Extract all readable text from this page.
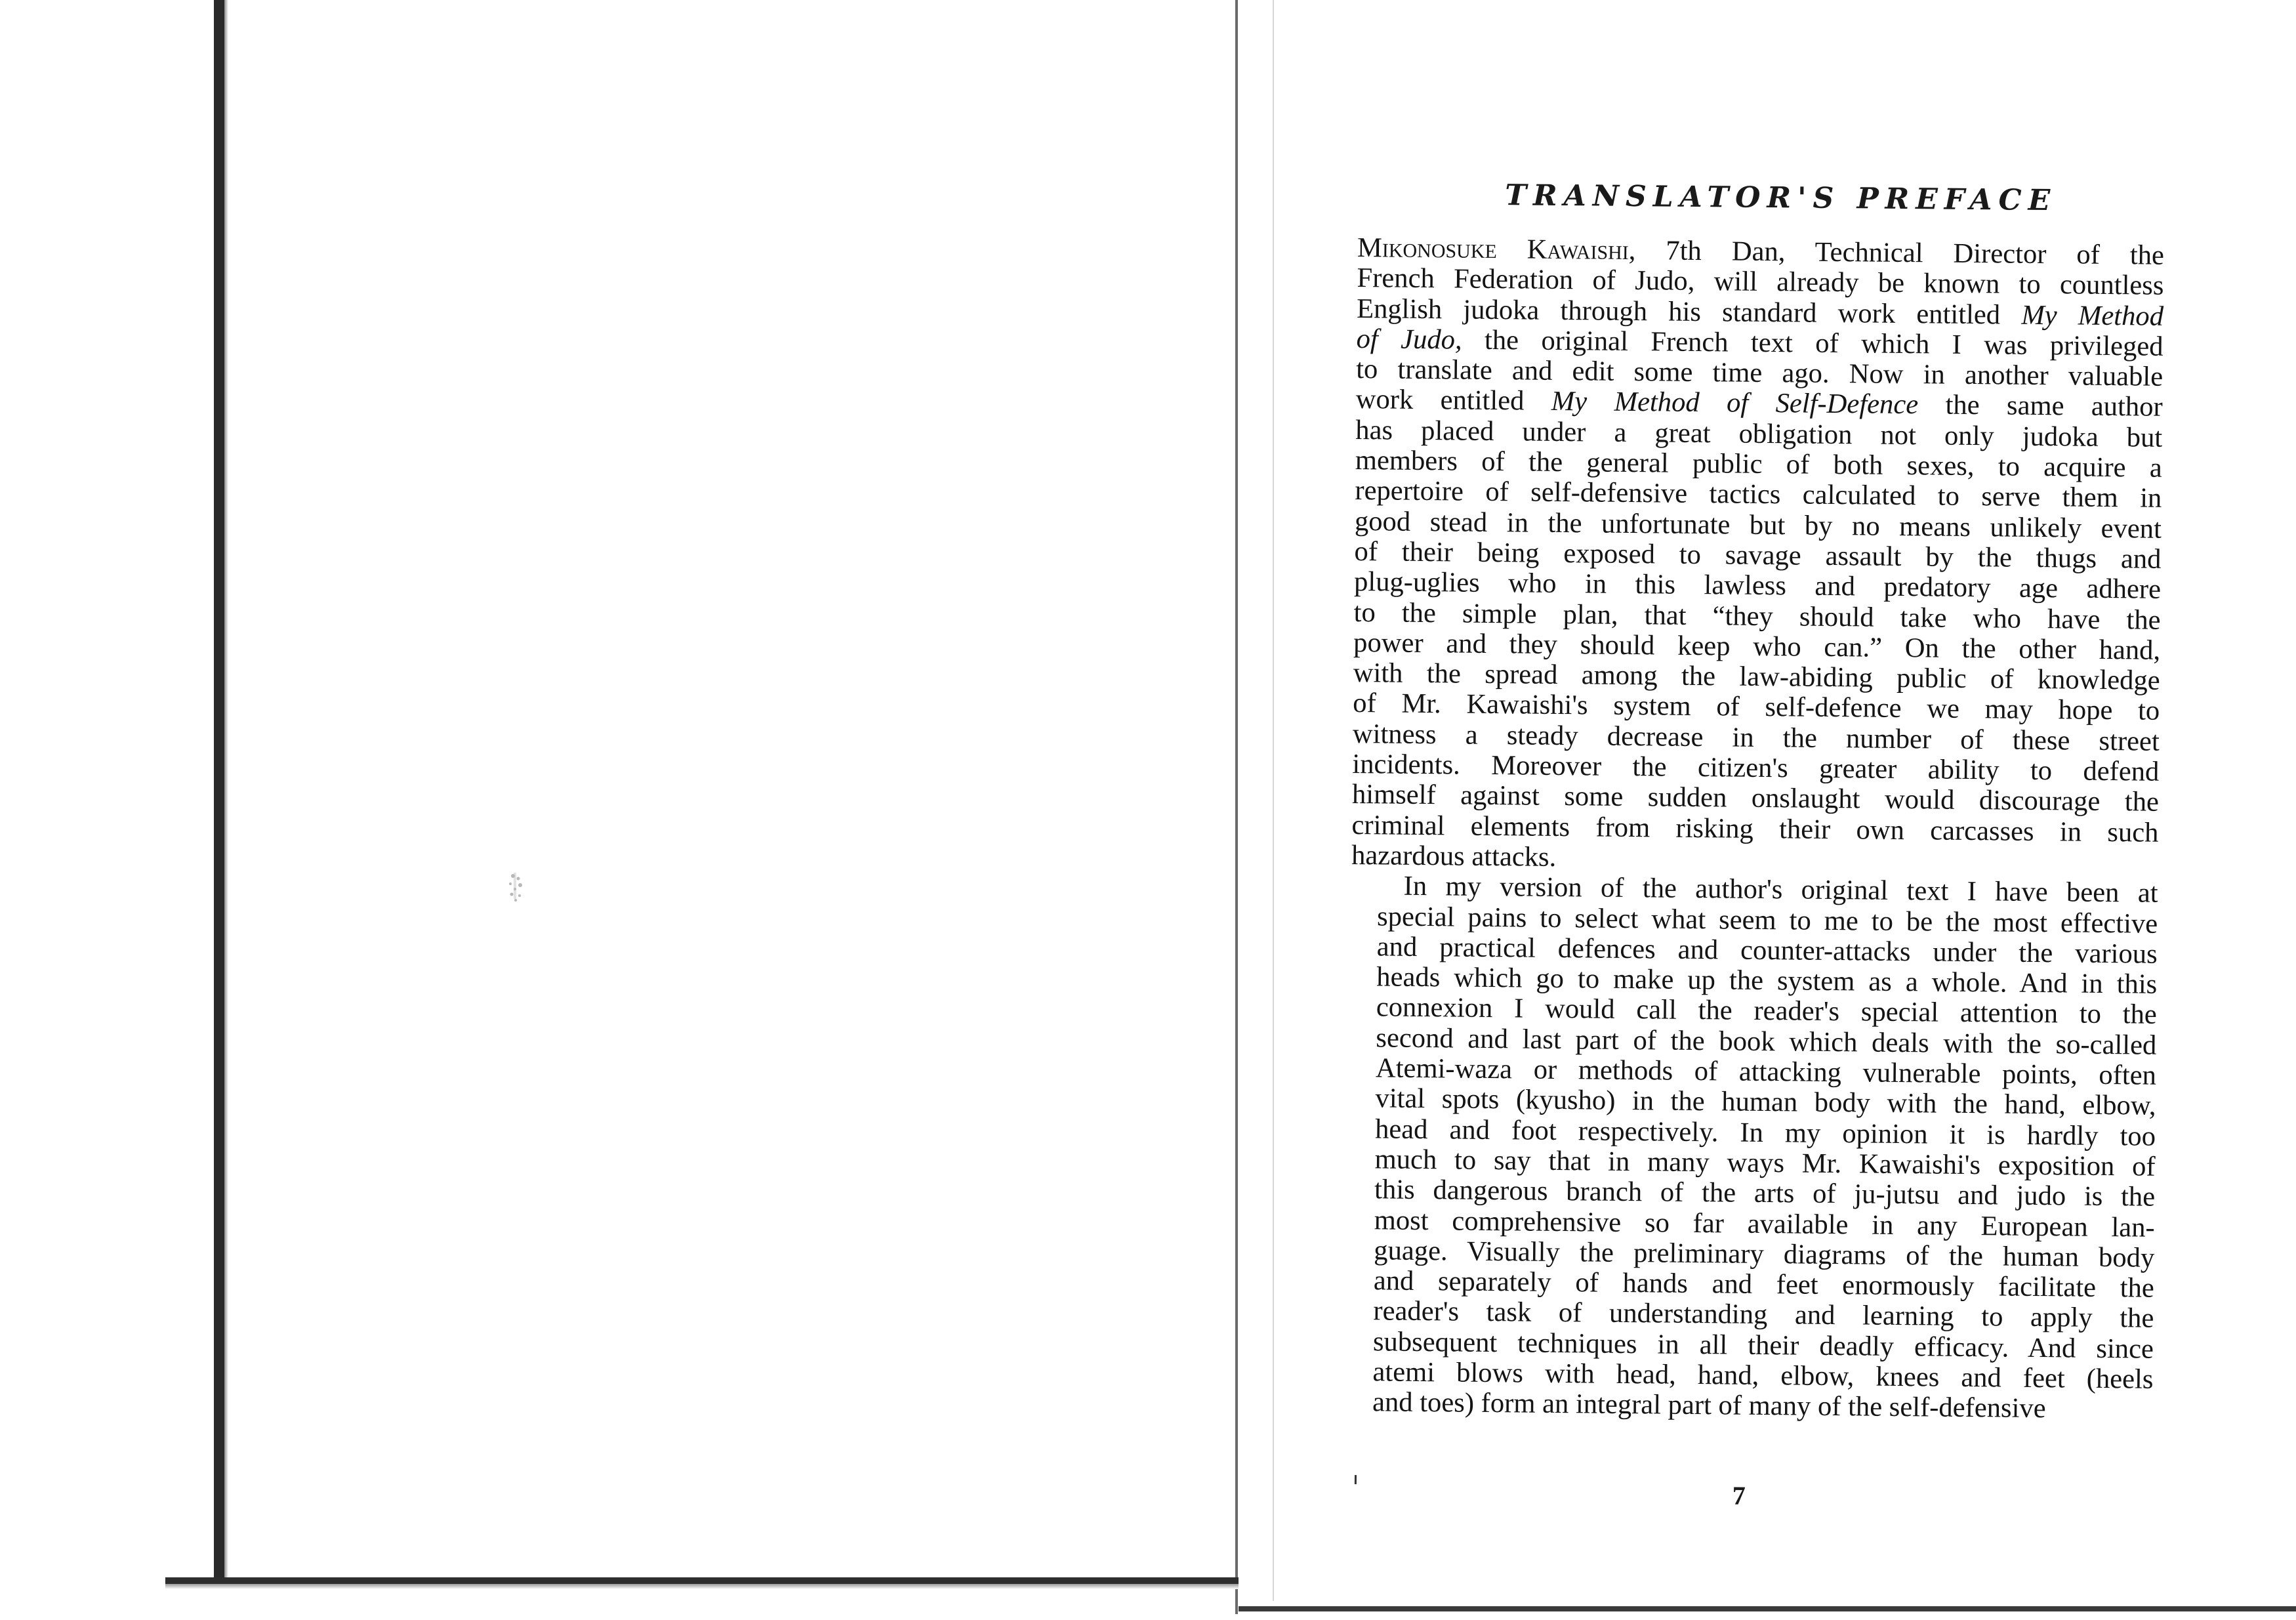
TRANSLATOR'S PREFACE

Mikonosuke Kawaishi, 7th Dan, Technical Director of the
French Federation of Judo, will already be known to countless
English judoka through his standard work entitled My Method
of Judo, the original French text of which I was privileged
to translate and edit some time ago. Now in another valuable
work entitled My Method of Self-Defence the same author
has placed under a great obligation not only judoka but
members of the general public of both sexes, to acquire a
repertoire of self-defensive tactics calculated to serve them in
good stead in the unfortunate but by no means unlikely event
of their being exposed to savage assault by the thugs and
plug-uglies who in this lawless and predatory age adhere
to the simple plan, that “they should take who have the
power and they should keep who can.” On the other hand,
with the spread among the law-abiding public of knowledge
of Mr. Kawaishi's system of self-defence we may hope to
witness a steady decrease in the number of these street
incidents. Moreover the citizen's greater ability to defend
himself against some sudden onslaught would discourage the
criminal elements from risking their own carcasses in such
hazardous attacks.

In my version of the author's original text I have been at
special pains to select what seem to me to be the most effective
and practical defences and counter-attacks under the various
heads which go to make up the system as a whole. And in this
connexion I would call the reader's special attention to the
second and last part of the book which deals with the so-called
Atemi-waza or methods of attacking vulnerable points, often
vital spots (kyusho) in the human body with the hand, elbow,
head and foot respectively. In my opinion it is hardly too
much to say that in many ways Mr. Kawaishi's exposition of
this dangerous branch of the arts of ju-jutsu and judo is the
most comprehensive so far available in any European lan-
guage. Visually the preliminary diagrams of the human body
and separately of hands and feet enormously facilitate the
reader's task of understanding and learning to apply the
subsequent techniques in all their deadly efficacy. And since
atemi blows with head, hand, elbow, knees and feet (heels
and toes) form an integral part of many of the self-defensive

7
